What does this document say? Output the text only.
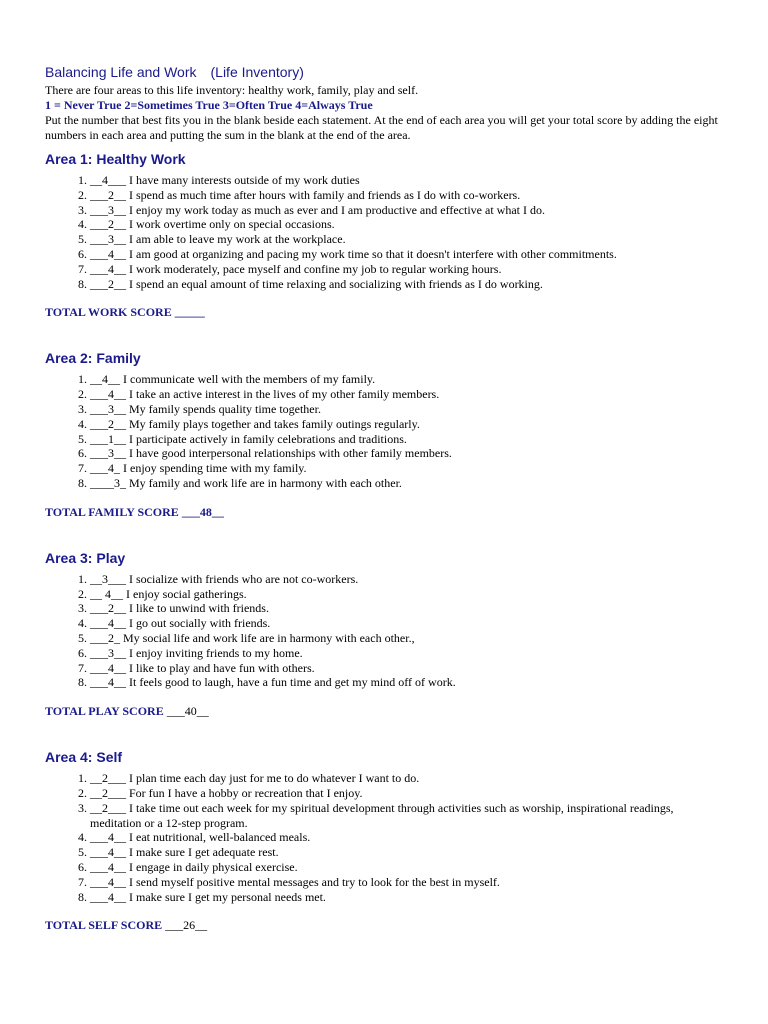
Balancing Life and Work (Life Inventory)

There are four areas to this life inventory: healthy work, family, play and self.

1 = Never True 2=Sometimes True 3=Often True 4=Always True

Put the number that best fits you in the blank beside each statement. At the end of each area you will get your total score by adding the eight numbers in each area and putting the sum in the blank at the end of the area.

Area 1: Healthy Work
1. __4___ I have many interests outside of my work duties
2. ___2__ I spend as much time after hours with family and friends as I do with co-workers.
3. ___3__ I enjoy my work today as much as ever and I am productive and effective at what I do.
4. ___2__ I work overtime only on special occasions.
5. ___3__ I am able to leave my work at the workplace.
6. ___4__ I am good at organizing and pacing my work time so that it doesn't interfere with other commitments.
7. ___4__ I work moderately, pace myself and confine my job to regular working hours.
8. ___2__ I spend an equal amount of time relaxing and socializing with friends as I do working.

TOTAL WORK SCORE _____

Area 2: Family
1. __4__ I communicate well with the members of my family.
2. ___4__ I take an active interest in the lives of my other family members.
3. ___3__ My family spends quality time together.
4. ___2__ My family plays together and takes family outings regularly.
5. ___1__ I participate actively in family celebrations and traditions.
6. ___3__ I have good interpersonal relationships with other family members.
7. ___4_ I enjoy spending time with my family.
8. ____3_ My family and work life are in harmony with each other.

TOTAL FAMILY SCORE ___48__

Area 3: Play
1. __3___ I socialize with friends who are not co-workers.
2. __ 4__ I enjoy social gatherings.
3. ___2__ I like to unwind with friends.
4. ___4__ I go out socially with friends.
5. ___2_ My social life and work life are in harmony with each other.,
6. ___3__ I enjoy inviting friends to my home.
7. ___4__ I like to play and have fun with others.
8. ___4__ It feels good to laugh, have a fun time and get my mind off of work.

TOTAL PLAY SCORE ___40__

Area 4: Self
1. __2___ I plan time each day just for me to do whatever I want to do.
2. __2___ For fun I have a hobby or recreation that I enjoy.
3. __2___ I take time out each week for my spiritual development through activities such as worship, inspirational readings, meditation or a 12-step program.
4. ___4__ I eat nutritional, well-balanced meals.
5. ___4__ I make sure I get adequate rest.
6. ___4__ I engage in daily physical exercise.
7. ___4__ I send myself positive mental messages and try to look for the best in myself.
8. ___4__ I make sure I get my personal needs met.

TOTAL SELF SCORE ___26__
